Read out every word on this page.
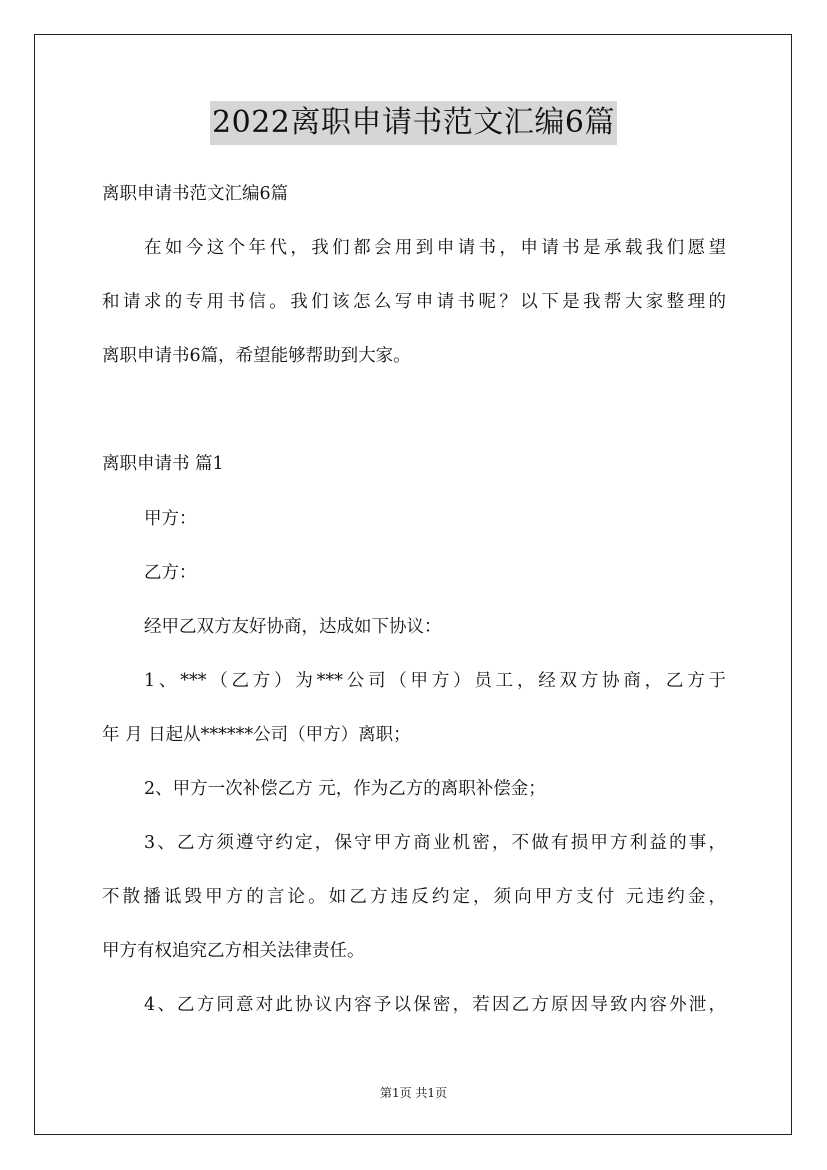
2022离职申请书范文汇编6篇
离职申请书范文汇编6篇
在如今这个年代，我们都会用到申请书，申请书是承载我们愿望
和请求的专用书信。我们该怎么写申请书呢？以下是我帮大家整理的
离职申请书6篇，希望能够帮助到大家。
离职申请书 篇1
甲方：
乙方：
经甲乙双方友好协商，达成如下协议：
1、***（乙方）为***公司（甲方）员工，经双方协商，乙方于
年 月 日起从******公司（甲方）离职；
2、甲方一次补偿乙方 元，作为乙方的离职补偿金；
3、乙方须遵守约定，保守甲方商业机密，不做有损甲方利益的事，
不散播诋毁甲方的言论。如乙方违反约定，须向甲方支付 元违约金，
甲方有权追究乙方相关法律责任。
4、乙方同意对此协议内容予以保密，若因乙方原因导致内容外泄，
第1页 共1页
